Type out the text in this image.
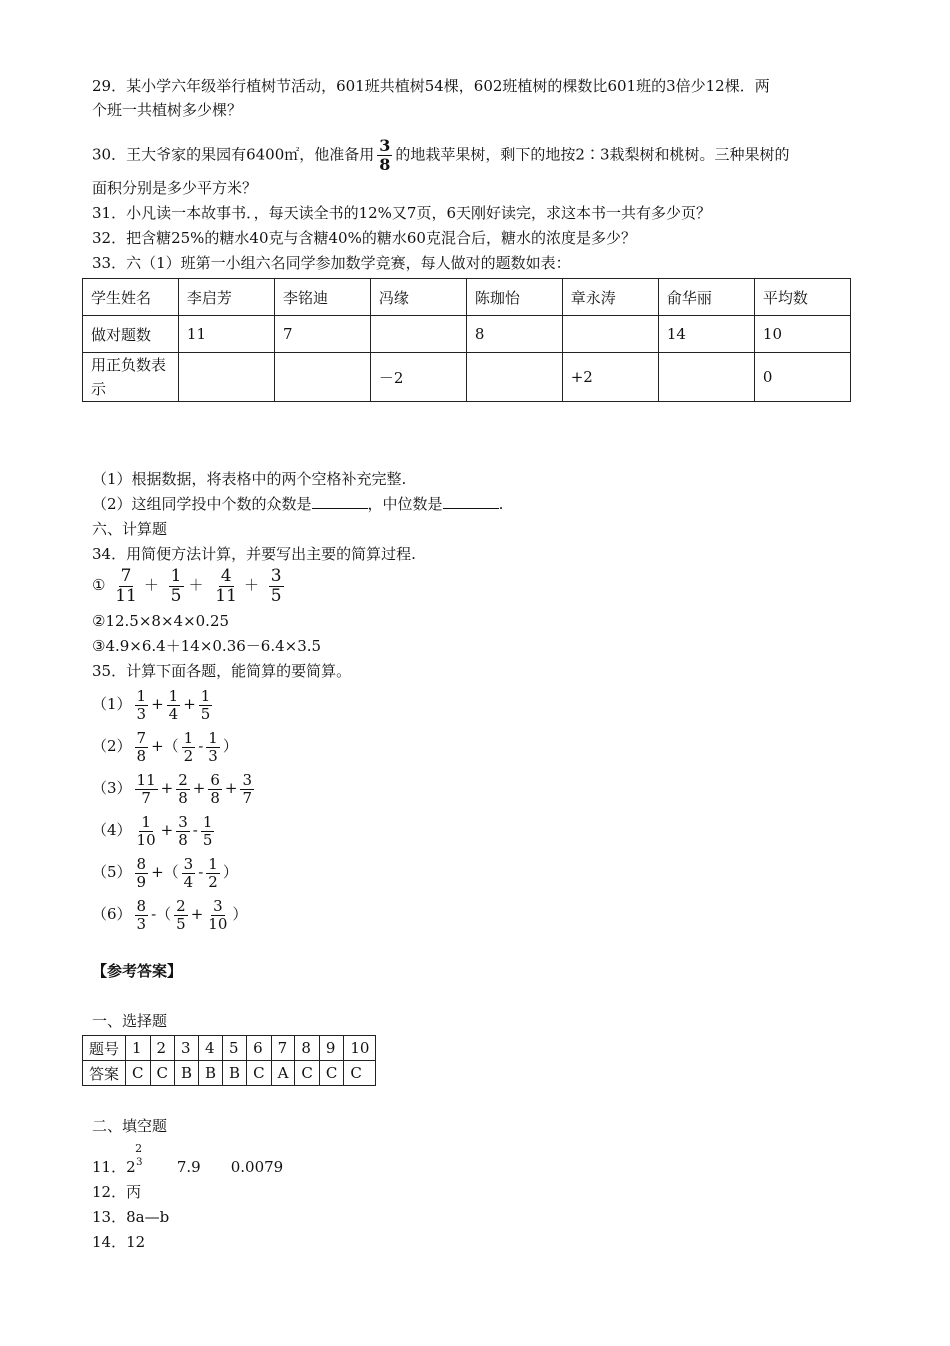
29．某小学六年级举行植树节活动，601班共植树54棵，602班植树的棵数比601班的3倍少12棵．两
个班一共植树多少棵？
30．王大爷家的果园有6400㎡，他准备用 $\frac{3}{8}$ 的地栽苹果树，剩下的地按2∶3栽梨树和桃树。三种果树的
面积分别是多少平方米？
31．小凡读一本故事书．，每天读全书的12%又7页，6天刚好读完，求这本书一共有多少页？
32．把含糖25%的糖水40克与含糖40%的糖水60克混合后，糖水的浓度是多少？
33．六（1）班第一小组六名同学参加数学竞赛，每人做对的题数如表：
学生姓名	李启芳	李铭迪	冯缘	陈珈怡	章永涛	俞华丽	平均数
做对题数	11	7		8		14	10
用正负数表示			－2		+2		0
（1）根据数据，将表格中的两个空格补充完整.
（2）这组同学投中个数的众数是	，中位数是	.
六、计算题
34．用简便方法计算，并要写出主要的简算过程.
① $\frac{7}{11} + \frac{1}{5} + \frac{4}{11} + \frac{3}{5}$
②12.5×8×4×0.25
③4.9×6.4＋14×0.36－6.4×3.5
35．计算下面各题，能简算的要简算。
$(1) \frac{1}{3} + \frac{1}{4} + \frac{1}{5}$
$(2) \frac{7}{8}$ +（ $\frac{1}{2} - \frac{1}{3}$ ）
$(3) \frac{11}{7} + \frac{2}{8} + \frac{6}{8} + \frac{3}{7}$
$(4) \frac{1}{10} + \frac{3}{8} - \frac{1}{5}$
$(5) \frac{8}{9}$ +（ $\frac{3}{4} - \frac{1}{2}$ ）
$(6) \frac{8}{3}$ -（ $\frac{2}{5} + \frac{3}{10}$ ）
【参考答案】
一、选择题
题号	1	2	3	4	5	6	7	8	9	10
答案	C	C	B	B	B	C	A	C	C	C
二、填空题
11．2
2
3 7.9　　0.0079
12．丙
13．8a—b
14．12
